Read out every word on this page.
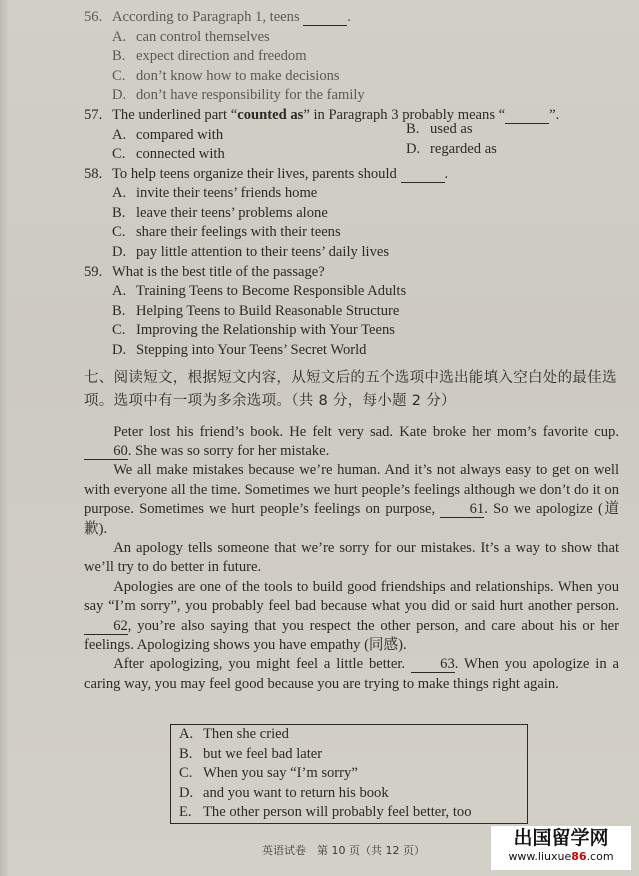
56. According to Paragraph 1, teens	.
A. can control themselves
B. expect direction and freedom
C. don’t know how to make decisions
D. don’t have responsibility for the family
57. The underlined part “counted as” in Paragraph 3 probably means “	”.
A. compared with	B. used as
C. connected with	D. regarded as
58. To help teens organize their lives, parents should	.
A. invite their teens’ friends home
B. leave their teens’ problems alone
C. share their feelings with their teens
D. pay little attention to their teens’ daily lives
59. What is the best title of the passage?
A. Training Teens to Become Responsible Adults
B. Helping Teens to Build Reasonable Structure
C. Improving the Relationship with Your Teens
D. Stepping into Your Teens’ Secret World
七、阅读短文，根据短文内容，从短文后的五个选项中选出能填入空白处的最佳选项。选项中有一项为多余选项。（共 8 分，每小题 2 分）

Peter lost his friend’s book. He felt very sad. Kate broke her mom’s favorite cup. 60. She was so sorry for her mistake.

We all make mistakes because we’re human. And it’s not always easy to get on well with everyone all the time. Sometimes we hurt people’s feelings although we don’t do it on purpose. Sometimes we hurt people’s feelings on purpose, 61. So we apologize (道歉).

An apology tells someone that we’re sorry for our mistakes. It’s a way to show that we’ll try to do better in future.

Apologies are one of the tools to build good friendships and relationships. When you say “I’m sorry”, you probably feel bad because what you did or said hurt another person. 62, you’re also saying that you respect the other person, and care about his or her feelings. Apologizing shows you have empathy (同感).

After apologizing, you might feel a little better. 63. When you apologize in a caring way, you may feel good because you are trying to make things right again.

A. Then she cried
B. but we feel bad later
C. When you say “I’m sorry”
D. and you want to return his book
E. The other person will probably feel better, too
英语试卷　第 10 页（共 12 页）
出国留学网
www.liuxue86.com
